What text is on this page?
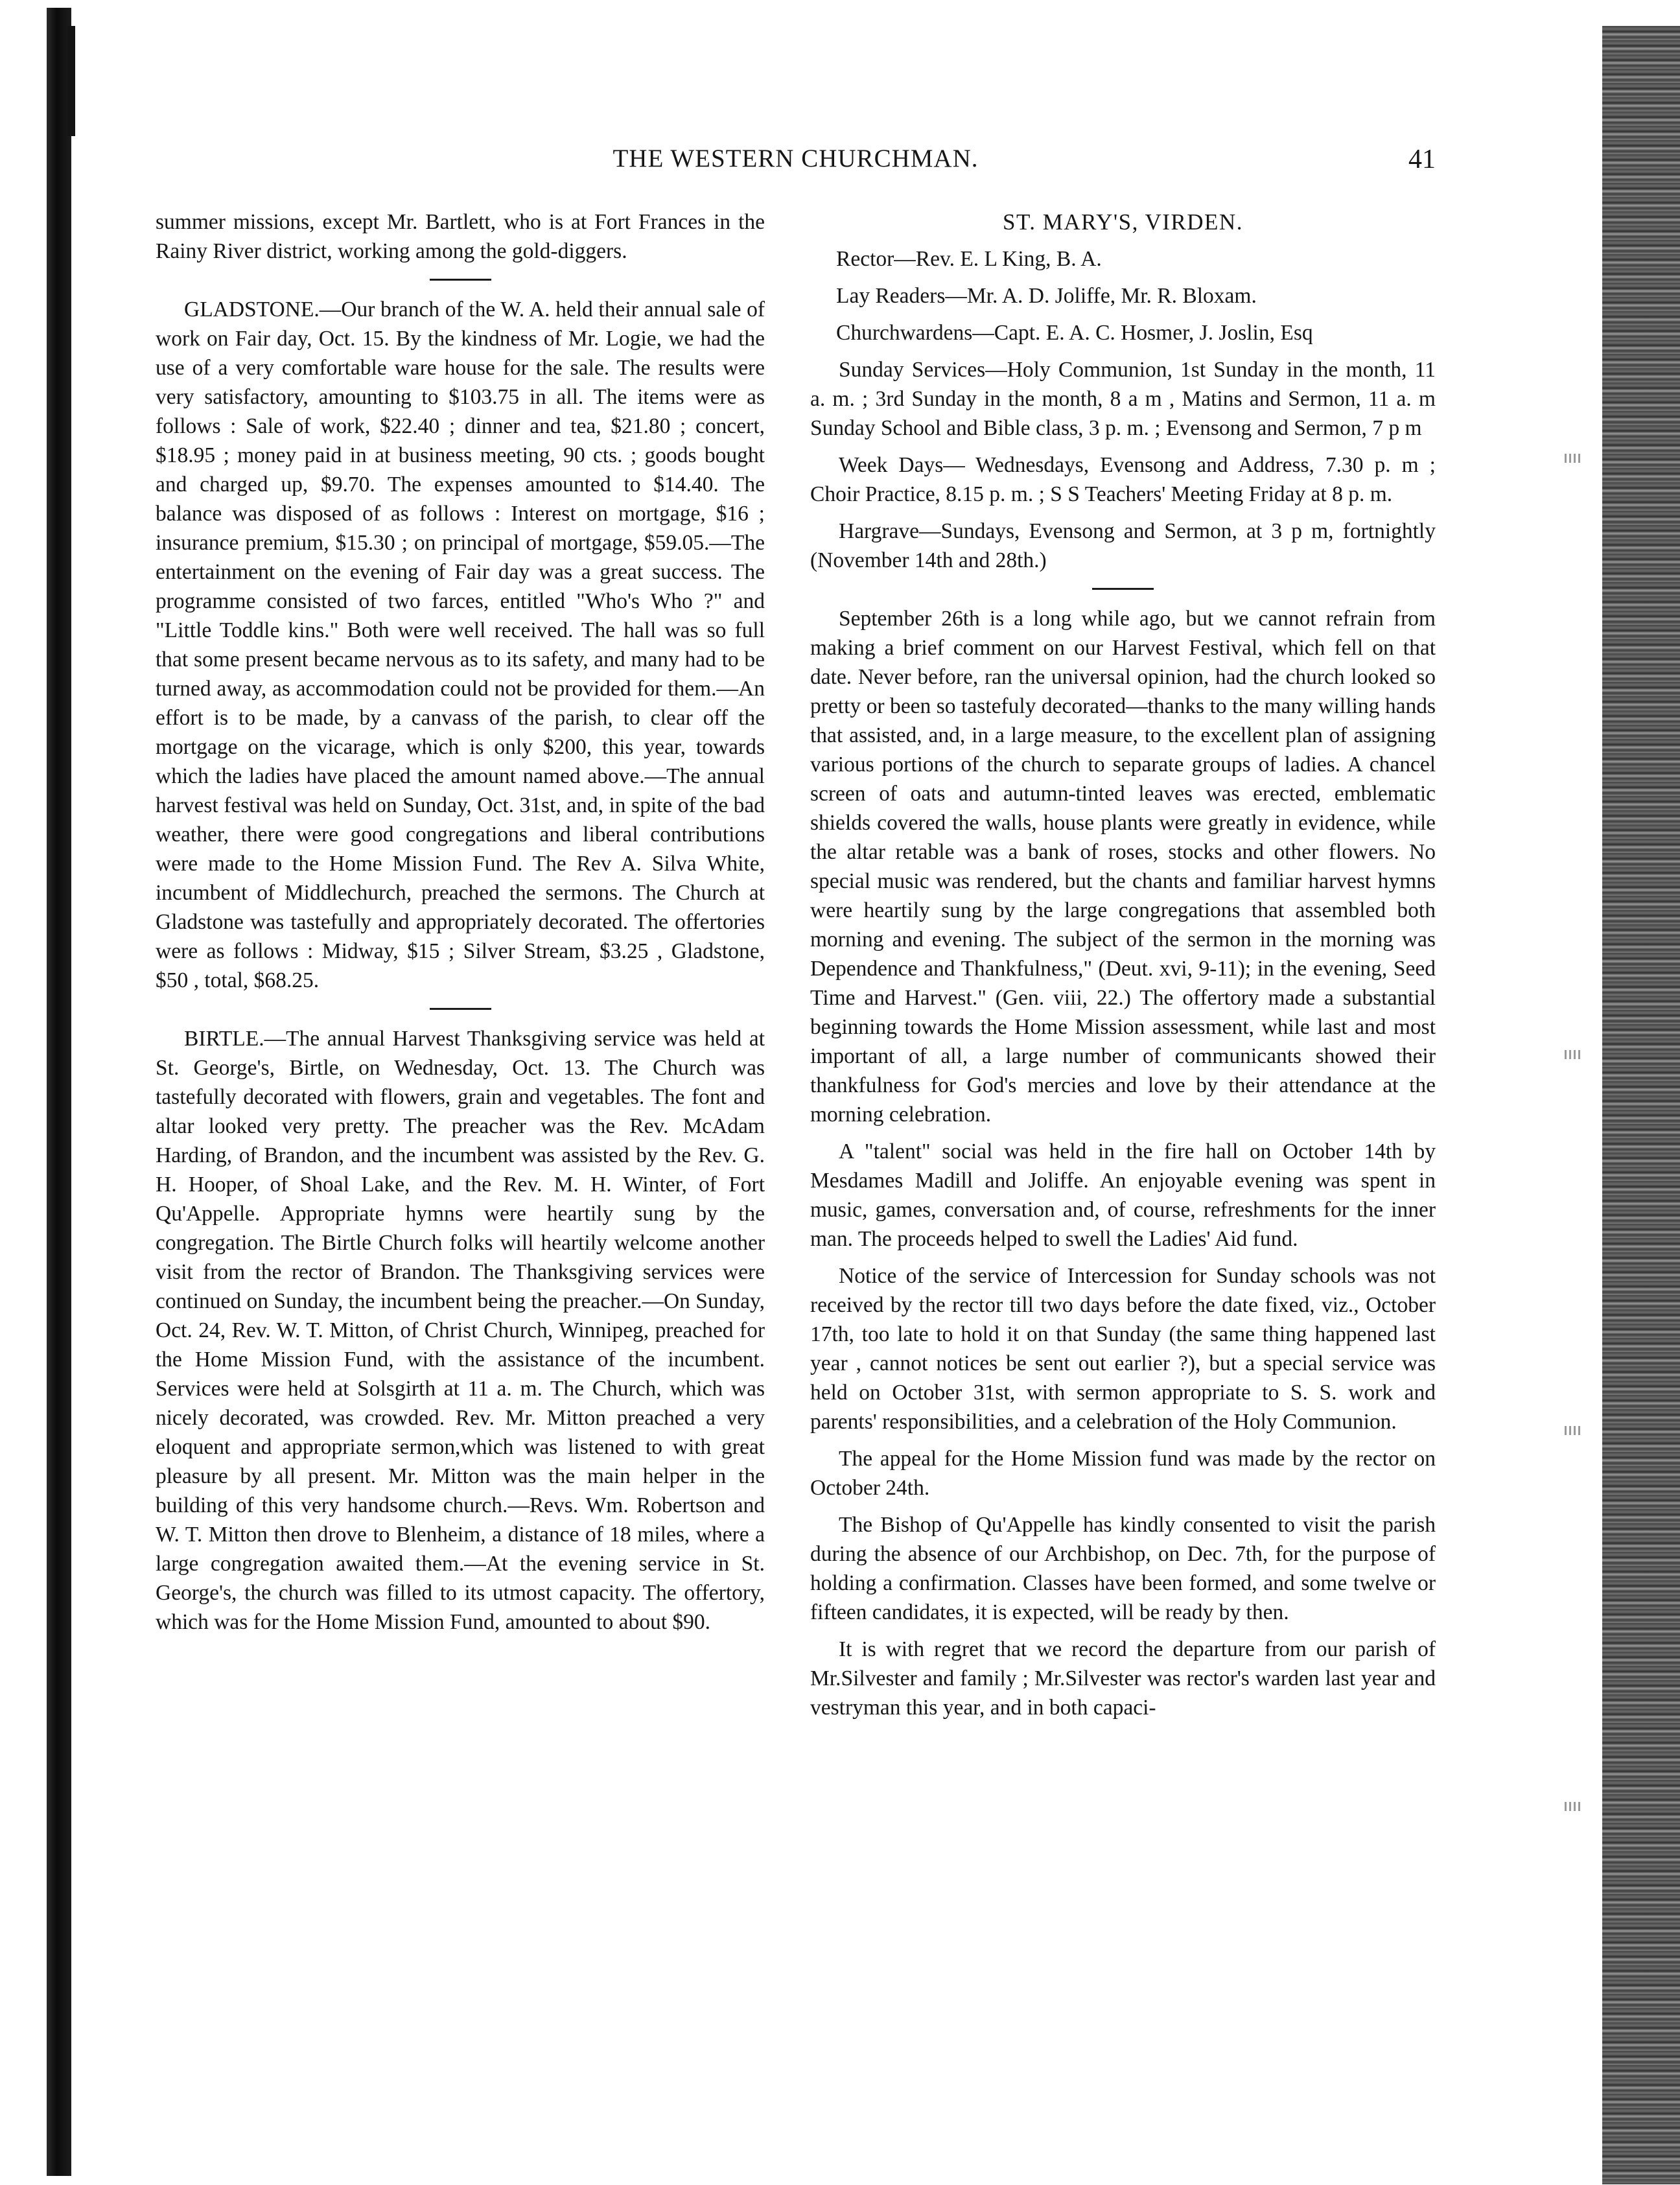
THE WESTERN CHURCHMAN.	41

summer missions, except Mr. Bartlett, who is at Fort Frances in the Rainy River district, working among the gold-diggers.

GLADSTONE.—Our branch of the W. A. held their annual sale of work on Fair day, Oct. 15. By the kindness of Mr. Logie, we had the use of a very comfortable ware house for the sale. The results were very satisfactory, amounting to $103.75 in all. The items were as follows : Sale of work, $22.40 ; dinner and tea, $21.80 ; concert, $18.95 ; money paid in at business meeting, 90 cts. ; goods bought and charged up, $9.70. The expenses amounted to $14.40. The balance was disposed of as follows : Interest on mortgage, $16 ; insurance premium, $15.30 ; on principal of mortgage, $59.05.—The entertainment on the evening of Fair day was a great success. The programme consisted of two farces, entitled "Who's Who ?" and "Little Toddle kins." Both were well received. The hall was so full that some present became nervous as to its safety, and many had to be turned away, as accommodation could not be provided for them.—An effort is to be made, by a canvass of the parish, to clear off the mortgage on the vicarage, which is only $200, this year, towards which the ladies have placed the amount named above.—The annual harvest festival was held on Sunday, Oct. 31st, and, in spite of the bad weather, there were good congregations and liberal contributions were made to the Home Mission Fund. The Rev A. Silva White, incumbent of Middlechurch, preached the sermons. The Church at Gladstone was tastefully and appropriately decorated. The offertories were as follows : Midway, $15 ; Silver Stream, $3.25 , Gladstone, $50 , total, $68.25.

BIRTLE.—The annual Harvest Thanksgiving service was held at St. George's, Birtle, on Wednesday, Oct. 13. The Church was tastefully decorated with flowers, grain and vegetables. The font and altar looked very pretty. The preacher was the Rev. McAdam Harding, of Brandon, and the incumbent was assisted by the Rev. G. H. Hooper, of Shoal Lake, and the Rev. M. H. Winter, of Fort Qu'Appelle. Appropriate hymns were heartily sung by the congregation. The Birtle Church folks will heartily welcome another visit from the rector of Brandon. The Thanksgiving services were continued on Sunday, the incumbent being the preacher.—On Sunday, Oct. 24, Rev. W. T. Mitton, of Christ Church, Winnipeg, preached for the Home Mission Fund, with the assistance of the incumbent. Services were held at Solsgirth at 11 a. m. The Church, which was nicely decorated, was crowded. Rev. Mr. Mitton preached a very eloquent and appropriate sermon,which was listened to with great pleasure by all present. Mr. Mitton was the main helper in the building of this very handsome church.—Revs. Wm. Robertson and W. T. Mitton then drove to Blenheim, a distance of 18 miles, where a large congregation awaited them.—At the evening service in St. George's, the church was filled to its utmost capacity. The offertory, which was for the Home Mission Fund, amounted to about $90.

ST. MARY'S, VIRDEN.

Rector—Rev. E. L King, B. A.

Lay Readers—Mr. A. D. Joliffe, Mr. R. Bloxam.

Churchwardens—Capt. E. A. C. Hosmer, J. Joslin, Esq

Sunday Services—Holy Communion, 1st Sunday in the month, 11 a. m. ; 3rd Sunday in the month, 8 a m , Matins and Sermon, 11 a. m Sunday School and Bible class, 3 p. m. ; Evensong and Sermon, 7 p m

Week Days— Wednesdays, Evensong and Address, 7.30 p. m ; Choir Practice, 8.15 p. m. ; S S Teachers' Meeting Friday at 8 p. m.

Hargrave—Sundays, Evensong and Sermon, at 3 p m, fortnightly (November 14th and 28th.)

September 26th is a long while ago, but we cannot refrain from making a brief comment on our Harvest Festival, which fell on that date. Never before, ran the universal opinion, had the church looked so pretty or been so tastefuly decorated—thanks to the many willing hands that assisted, and, in a large measure, to the excellent plan of assigning various portions of the church to separate groups of ladies. A chancel screen of oats and autumn-tinted leaves was erected, emblematic shields covered the walls, house plants were greatly in evidence, while the altar retable was a bank of roses, stocks and other flowers. No special music was rendered, but the chants and familiar harvest hymns were heartily sung by the large congregations that assembled both morning and evening. The subject of the sermon in the morning was Dependence and Thankfulness," (Deut. xvi, 9-11); in the evening, Seed Time and Harvest." (Gen. viii, 22.) The offertory made a substantial beginning towards the Home Mission assessment, while last and most important of all, a large number of communicants showed their thankfulness for God's mercies and love by their attendance at the morning celebration.

A "talent" social was held in the fire hall on October 14th by Mesdames Madill and Joliffe. An enjoyable evening was spent in music, games, conversation and, of course, refreshments for the inner man. The proceeds helped to swell the Ladies' Aid fund.

Notice of the service of Intercession for Sunday schools was not received by the rector till two days before the date fixed, viz., October 17th, too late to hold it on that Sunday (the same thing happened last year , cannot notices be sent out earlier ?), but a special service was held on October 31st, with sermon appropriate to S. S. work and parents' responsibilities, and a celebration of the Holy Communion.

The appeal for the Home Mission fund was made by the rector on October 24th.

The Bishop of Qu'Appelle has kindly consented to visit the parish during the absence of our Archbishop, on Dec. 7th, for the purpose of holding a confirmation. Classes have been formed, and some twelve or fifteen candidates, it is expected, will be ready by then.

It is with regret that we record the departure from our parish of Mr.Silvester and family ; Mr.Silvester was rector's warden last year and vestryman this year, and in both capaci-
